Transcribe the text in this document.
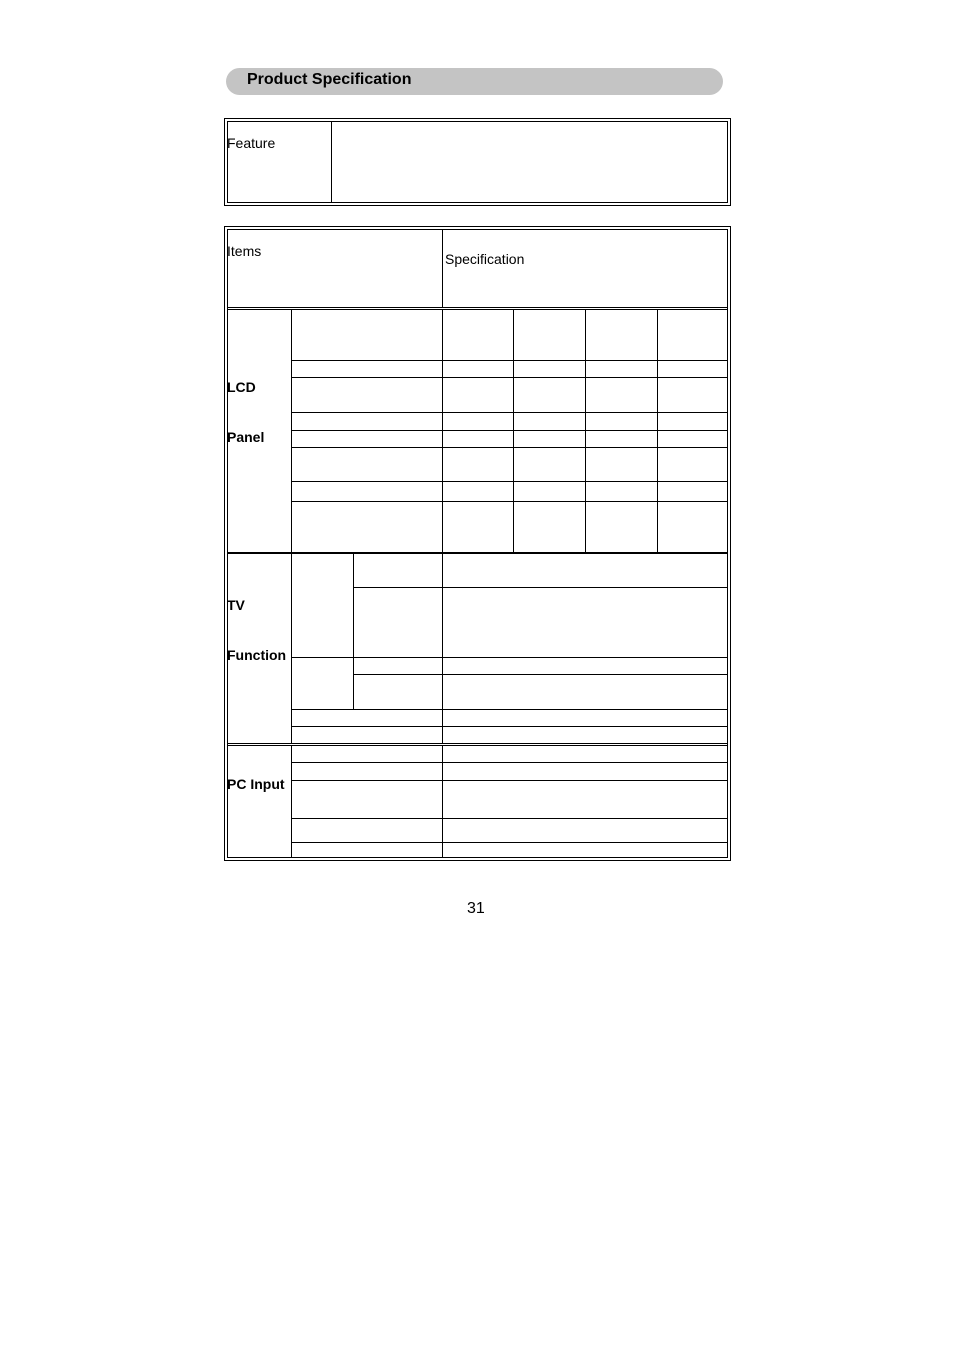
Product Specification
Feature
Items	Specification
LCD
Panel
TV
Function
PC Input
31
